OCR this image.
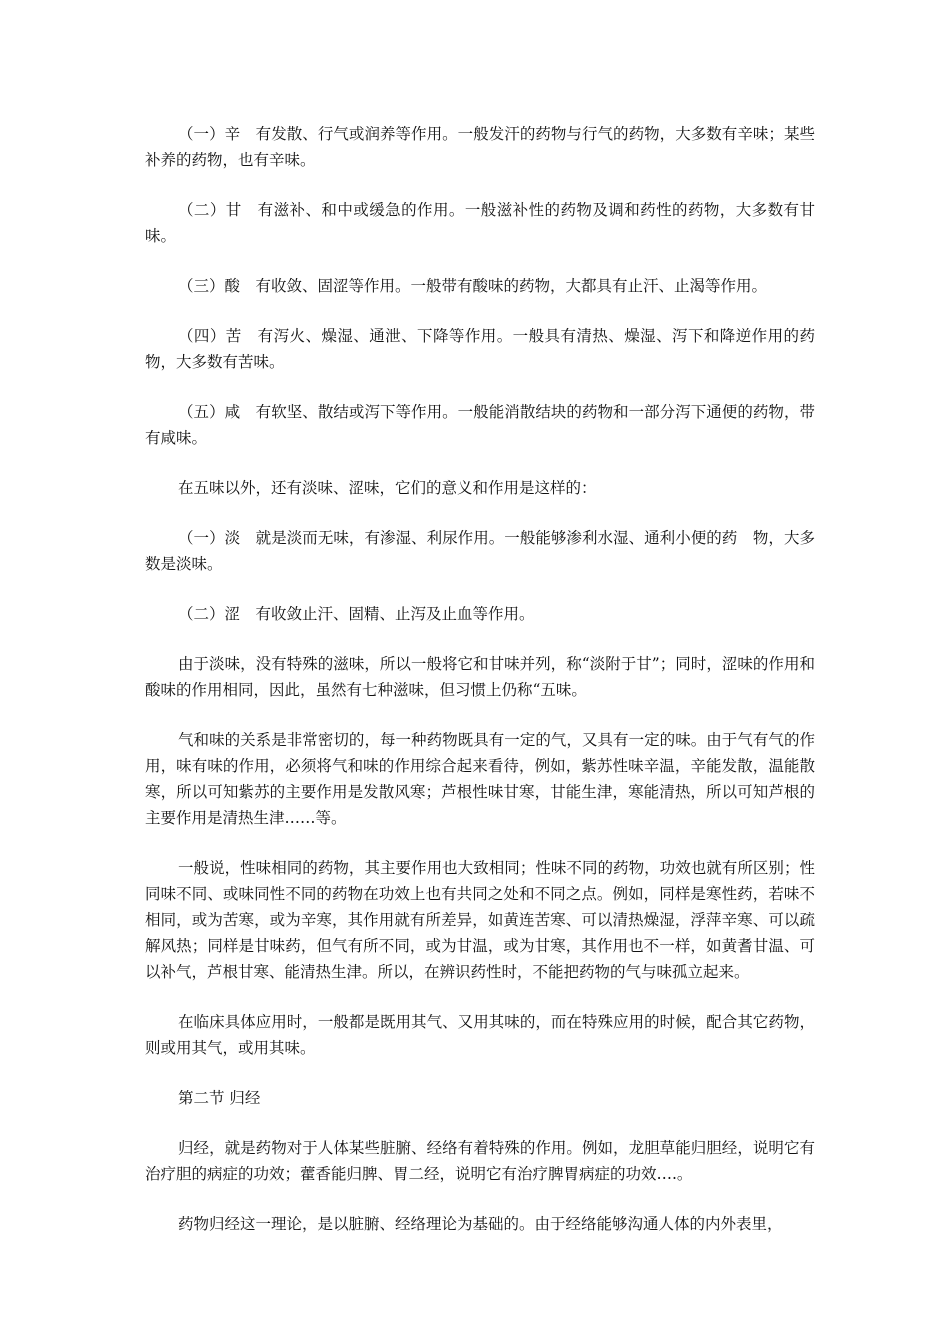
（一）辛　有发散、行气或润养等作用。一般发汗的药物与行气的药物，大多数有辛味；某些补养的药物，也有辛味。

（二）甘　有滋补、和中或缓急的作用。一般滋补性的药物及调和药性的药物，大多数有甘味。

（三）酸　有收敛、固涩等作用。一般带有酸味的药物，大都具有止汗、止渴等作用。

（四）苦　有泻火、燥湿、通泄、下降等作用。一般具有清热、燥湿、泻下和降逆作用的药物，大多数有苦味。

（五）咸　有软坚、散结或泻下等作用。一般能消散结块的药物和一部分泻下通便的药物，带有咸味。

在五味以外，还有淡味、涩味，它们的意义和作用是这样的：

（一）淡　就是淡而无味，有渗湿、利尿作用。一般能够渗利水湿、通利小便的药　物，大多数是淡味。

（二）涩　有收敛止汗、固精、止泻及止血等作用。

由于淡味，没有特殊的滋味，所以一般将它和甘味并列，称“淡附于甘”；同时，涩味的作用和酸味的作用相同，因此，虽然有七种滋味，但习惯上仍称“五味。

气和味的关系是非常密切的，每一种药物既具有一定的气，又具有一定的味。由于气有气的作用，味有味的作用，必须将气和味的作用综合起来看待，例如，紫苏性味辛温，辛能发散，温能散寒，所以可知紫苏的主要作用是发散风寒；芦根性味甘寒，甘能生津，寒能清热，所以可知芦根的主要作用是清热生津……等。

一般说，性味相同的药物，其主要作用也大致相同；性味不同的药物，功效也就有所区别；性同味不同、或味同性不同的药物在功效上也有共同之处和不同之点。例如，同样是寒性药，若味不相同，或为苦寒，或为辛寒，其作用就有所差异，如黄连苦寒、可以清热燥湿，浮萍辛寒、可以疏解风热；同样是甘味药，但气有所不同，或为甘温，或为甘寒，其作用也不一样，如黄耆甘温、可以补气，芦根甘寒、能清热生津。所以，在辨识药性时，不能把药物的气与味孤立起来。

在临床具体应用时，一般都是既用其气、又用其味的，而在特殊应用的时候，配合其它药物，则或用其气，或用其味。

第二节 归经

归经，就是药物对于人体某些脏腑、经络有着特殊的作用。例如，龙胆草能归胆经，说明它有治疗胆的病症的功效；藿香能归脾、胃二经，说明它有治疗脾胃病症的功效….。

药物归经这一理论，是以脏腑、经络理论为基础的。由于经络能够沟通人体的内外表里，
